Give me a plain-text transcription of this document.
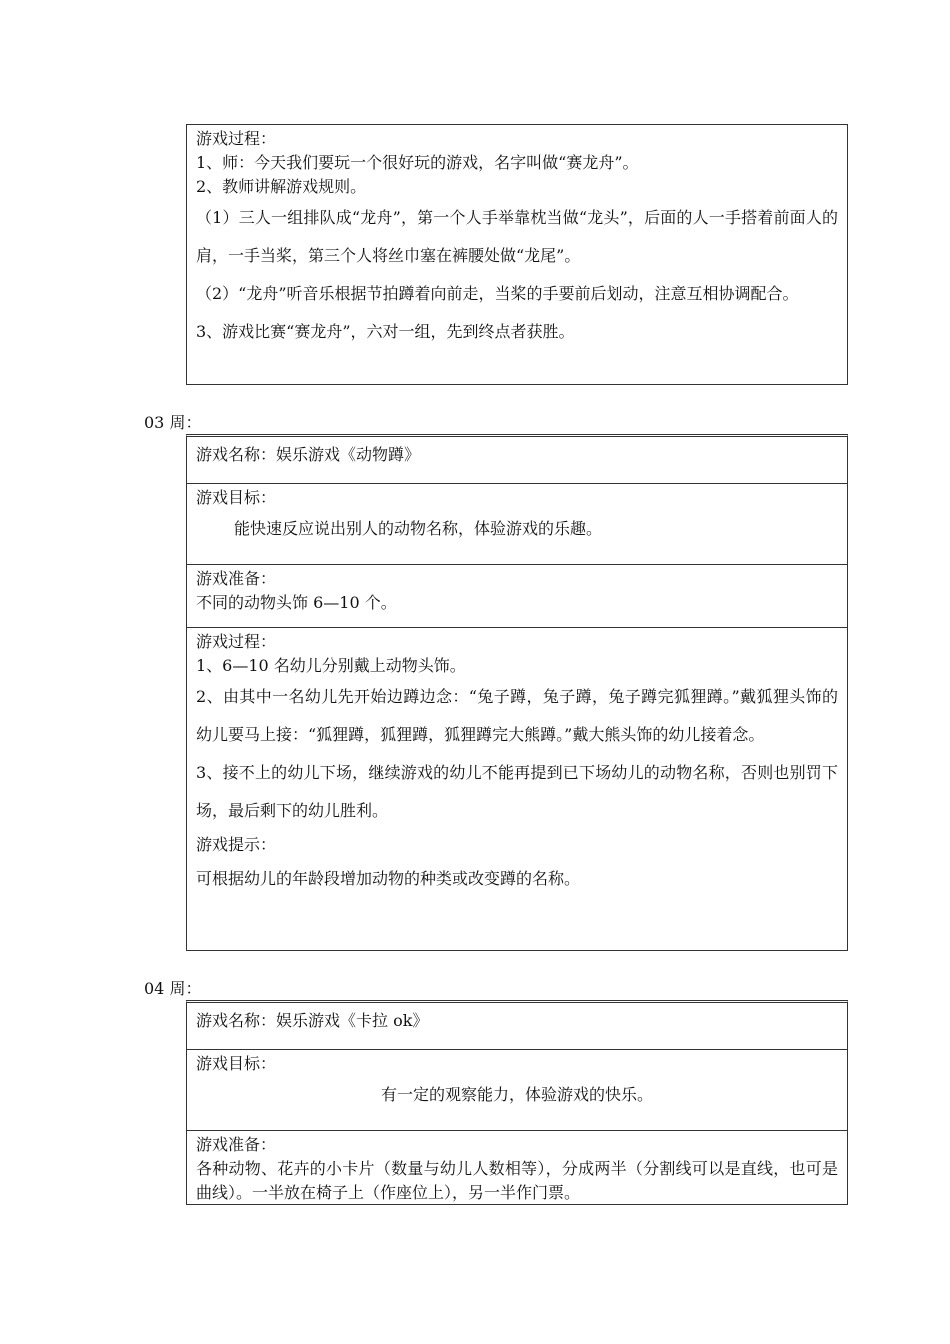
游戏过程：
1、师：今天我们要玩一个很好玩的游戏，名字叫做“赛龙舟”。
2、教师讲解游戏规则。
（1）三人一组排队成“龙舟”，第一个人手举靠枕当做“龙头”，后面的人一手搭着前面人的肩，一手当桨，第三个人将丝巾塞在裤腰处做“龙尾”。
（2）“龙舟”听音乐根据节拍蹲着向前走，当桨的手要前后划动，注意互相协调配合。
3、游戏比赛“赛龙舟”，六对一组，先到终点者获胜。
03 周：
游戏名称：娱乐游戏《动物蹲》
游戏目标：
能快速反应说出别人的动物名称，体验游戏的乐趣。
游戏准备：
不同的动物头饰 6—10 个。
游戏过程：
1、6—10 名幼儿分别戴上动物头饰。
2、由其中一名幼儿先开始边蹲边念：“兔子蹲，兔子蹲，兔子蹲完狐狸蹲。”戴狐狸头饰的幼儿要马上接：“狐狸蹲，狐狸蹲，狐狸蹲完大熊蹲。”戴大熊头饰的幼儿接着念。
3、接不上的幼儿下场，继续游戏的幼儿不能再提到已下场幼儿的动物名称，否则也别罚下场，最后剩下的幼儿胜利。
游戏提示：
可根据幼儿的年龄段增加动物的种类或改变蹲的名称。
04 周：
游戏名称：娱乐游戏《卡拉 ok》
游戏目标：
有一定的观察能力，体验游戏的快乐。
游戏准备：
各种动物、花卉的小卡片（数量与幼儿人数相等），分成两半（分割线可以是直线，也可是曲线）。一半放在椅子上（作座位上），另一半作门票。
